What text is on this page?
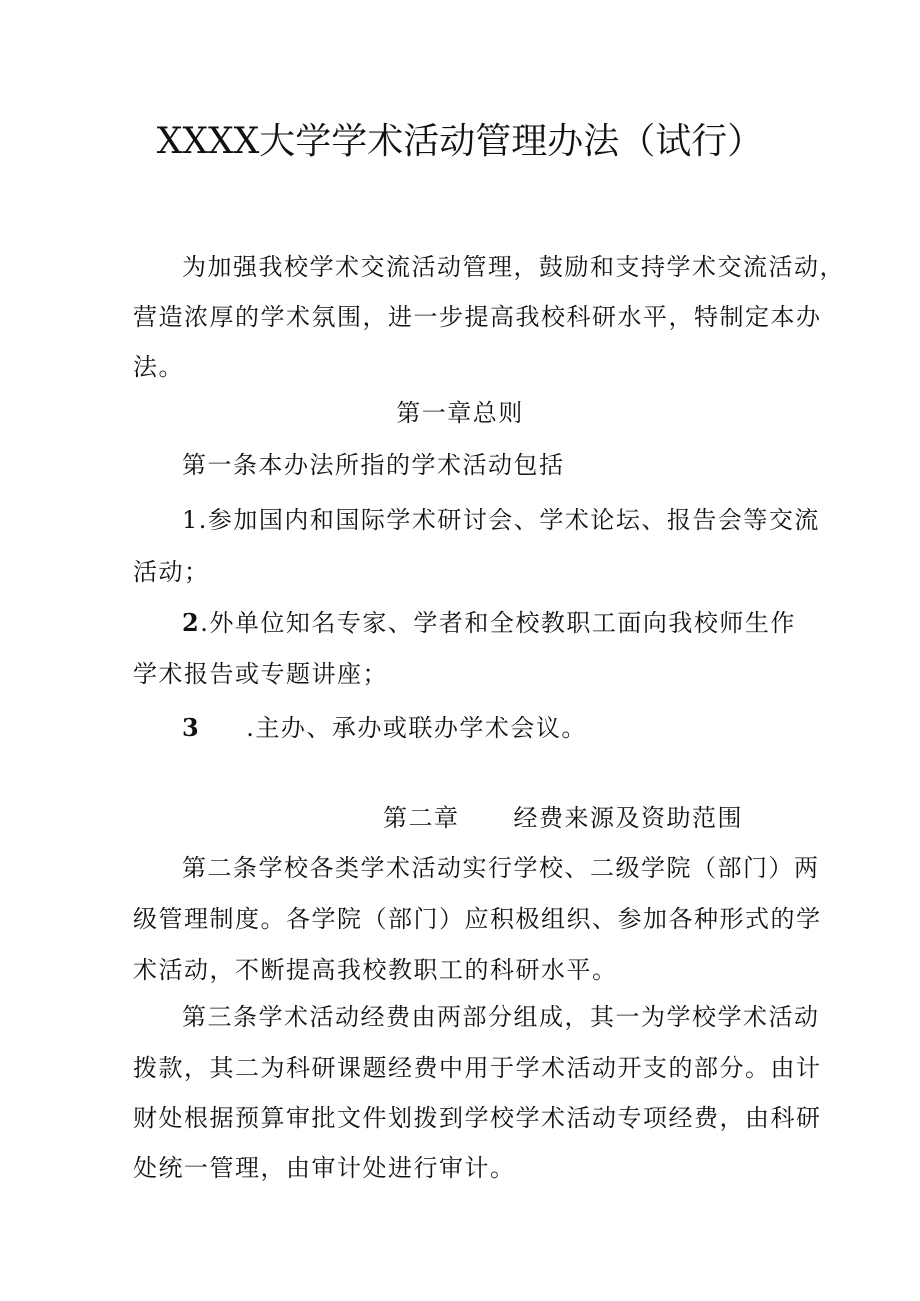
XXXX大学学术活动管理办法（试行）
为加强我校学术交流活动管理，鼓励和支持学术交流活动，
营造浓厚的学术氛围，进一步提高我校科研水平，特制定本办
法。
第一章总则
第一条本办法所指的学术活动包括
1.参加国内和国际学术研讨会、学术论坛、报告会等交流
活动；
2.外单位知名专家、学者和全校教职工面向我校师生作
学术报告或专题讲座；
3 .主办、承办或联办学术会议。
第二章 经费来源及资助范围
第二条学校各类学术活动实行学校、二级学院（部门）两
级管理制度。各学院（部门）应积极组织、参加各种形式的学
术活动，不断提高我校教职工的科研水平。
第三条学术活动经费由两部分组成，其一为学校学术活动
拨款，其二为科研课题经费中用于学术活动开支的部分。由计
财处根据预算审批文件划拨到学校学术活动专项经费，由科研
处统一管理，由审计处进行审计。
